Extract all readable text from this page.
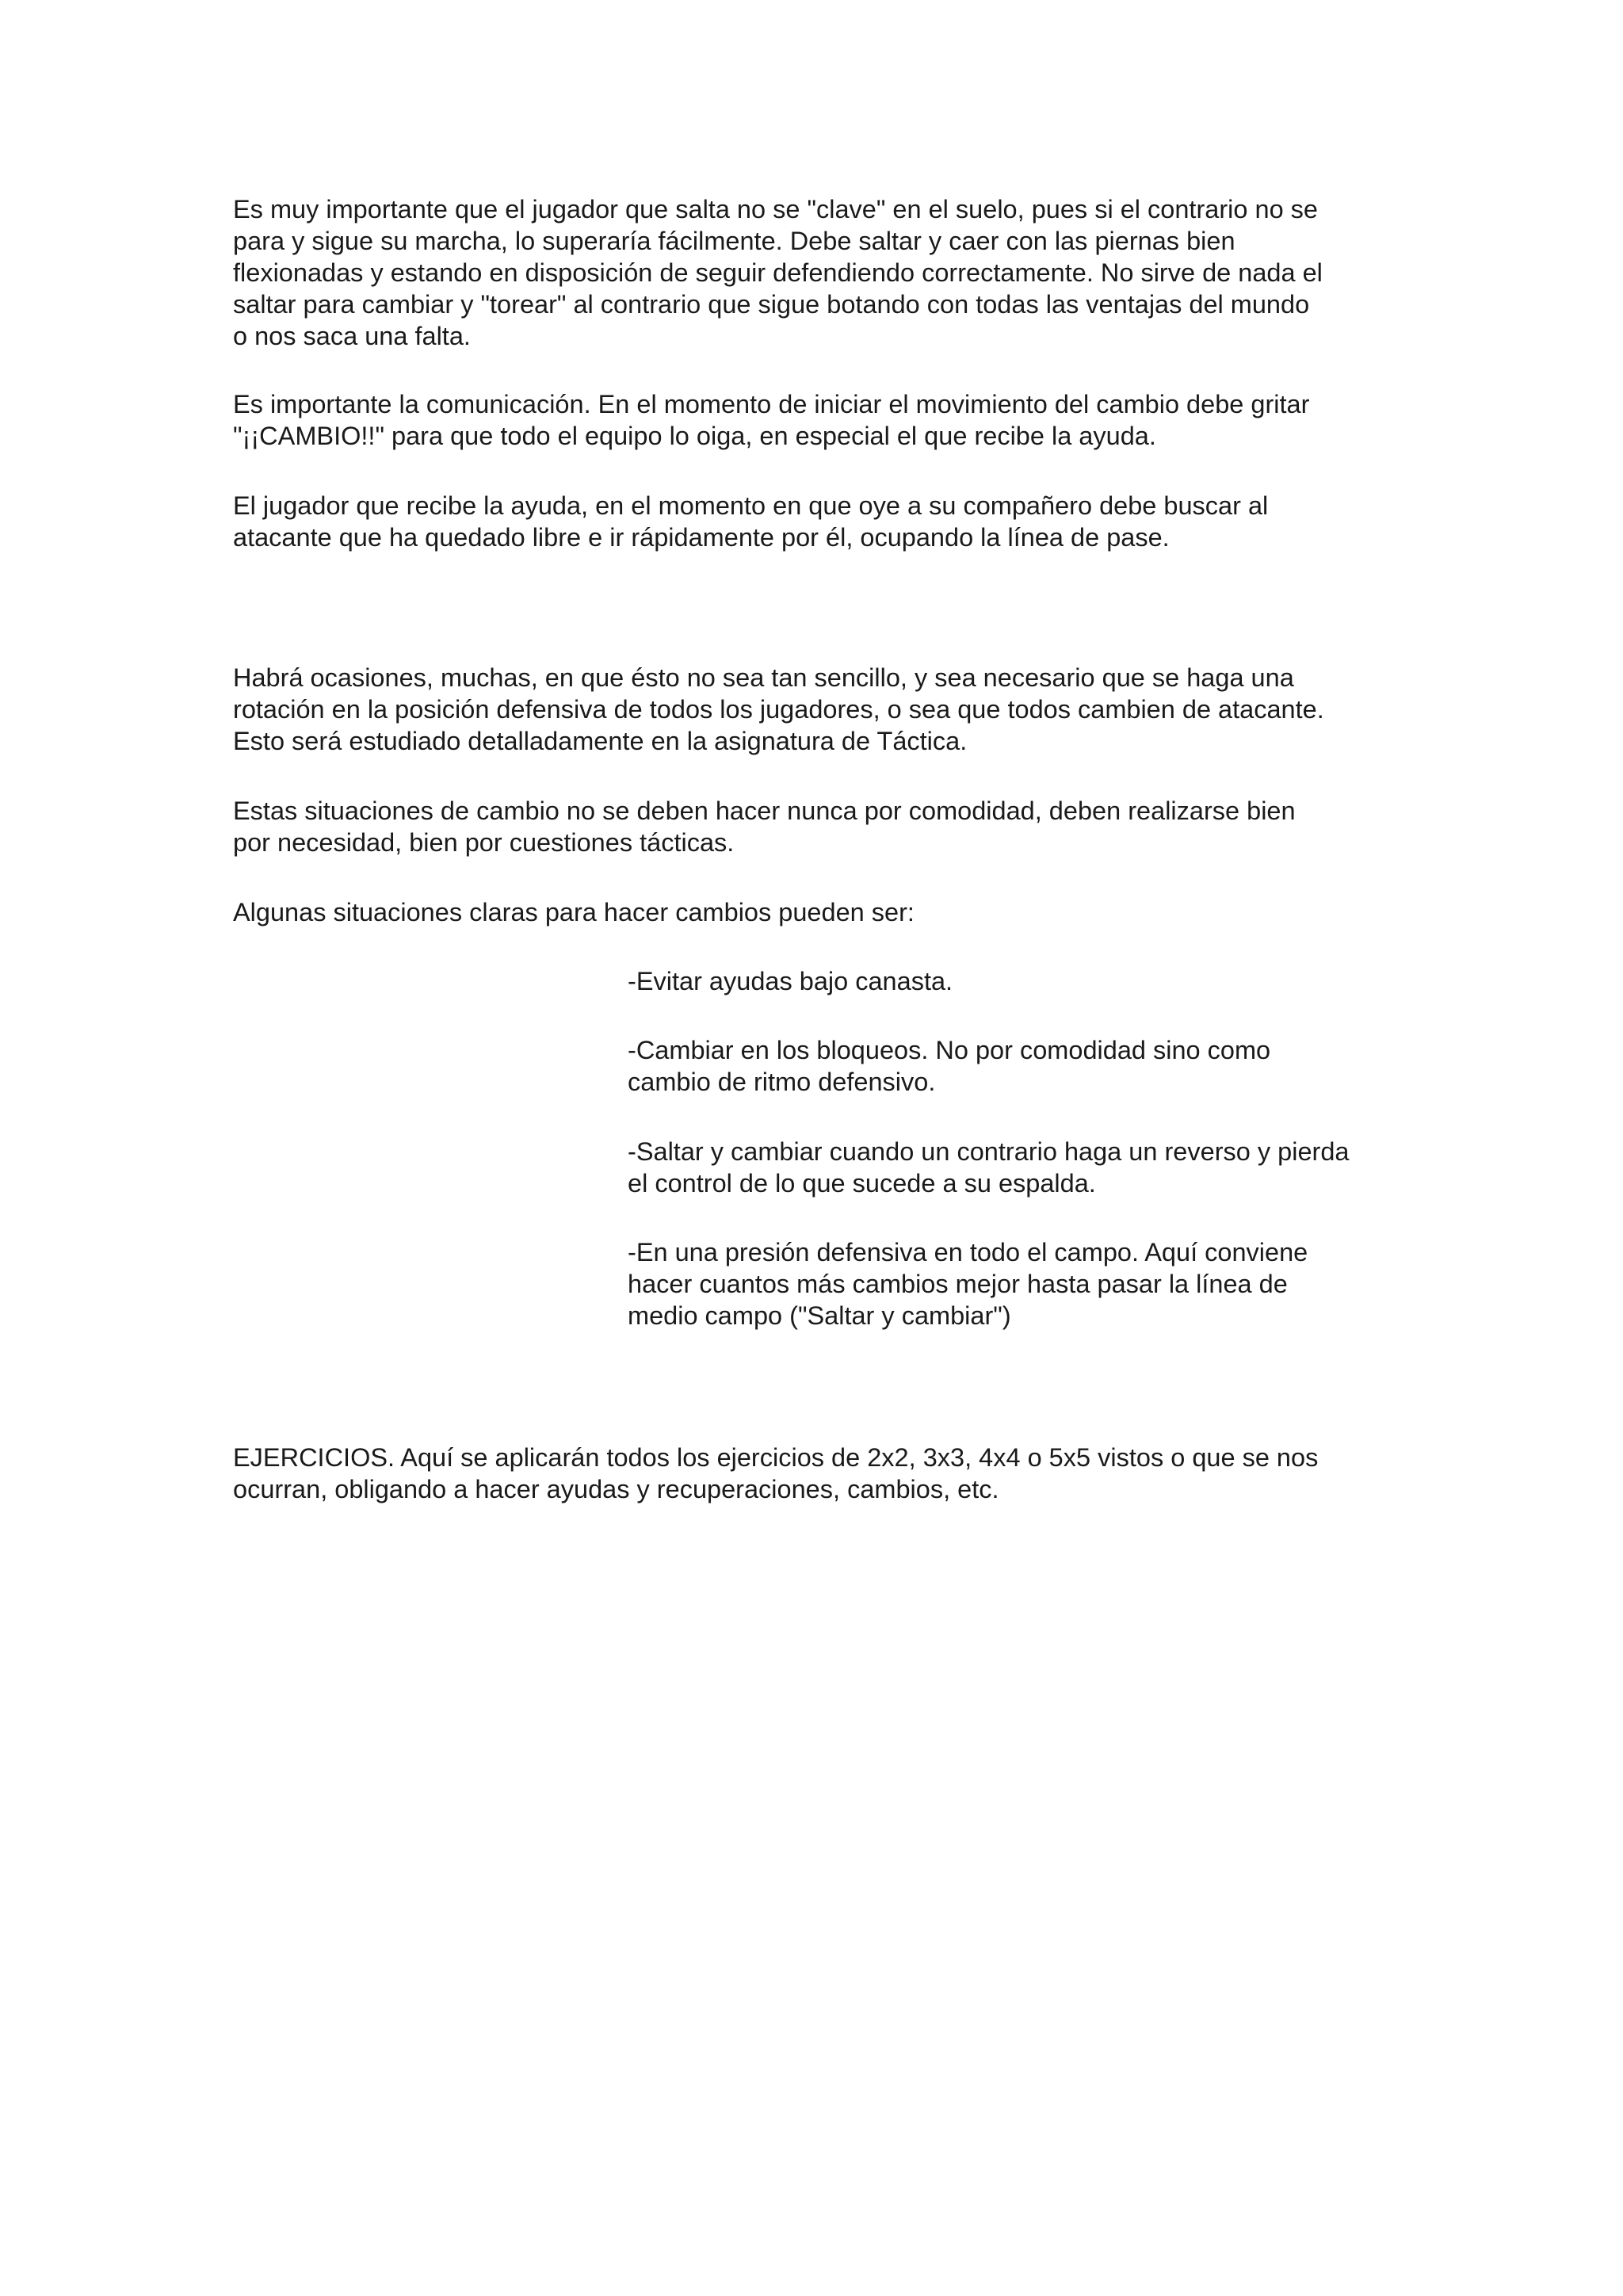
Es muy importante que el jugador que salta no se "clave" en el suelo, pues si el contrario no se
para y sigue su marcha, lo superaría fácilmente. Debe saltar y caer con las piernas bien
flexionadas y estando en disposición de seguir defendiendo correctamente. No sirve de nada el
saltar para cambiar y "torear" al contrario que sigue botando con todas las ventajas del mundo
o nos saca una falta.

Es importante la comunicación. En el momento de iniciar el movimiento del cambio debe gritar
"¡¡CAMBIO!!" para que todo el equipo lo oiga, en especial el que recibe la ayuda.

El jugador que recibe la ayuda, en el momento en que oye a su compañero debe buscar al
atacante que ha quedado libre e ir rápidamente por él, ocupando la línea de pase.

Habrá ocasiones, muchas, en que ésto no sea tan sencillo, y sea necesario que se haga una
rotación en la posición defensiva de todos los jugadores, o sea que todos cambien de atacante.
Esto será estudiado detalladamente en la asignatura de Táctica.

Estas situaciones de cambio no se deben hacer nunca por comodidad, deben realizarse bien
por necesidad, bien por cuestiones tácticas.

Algunas situaciones claras para hacer cambios pueden ser:

-Evitar ayudas bajo canasta.

-Cambiar en los bloqueos. No por comodidad sino como
cambio de ritmo defensivo.

-Saltar y cambiar cuando un contrario haga un reverso y pierda
el control de lo que sucede a su espalda.

-En una presión defensiva en todo el campo. Aquí conviene
hacer cuantos más cambios mejor hasta pasar la línea de
medio campo ("Saltar y cambiar")

EJERCICIOS. Aquí se aplicarán todos los ejercicios de 2x2, 3x3, 4x4 o 5x5 vistos o que se nos
ocurran, obligando a hacer ayudas y recuperaciones, cambios, etc.
